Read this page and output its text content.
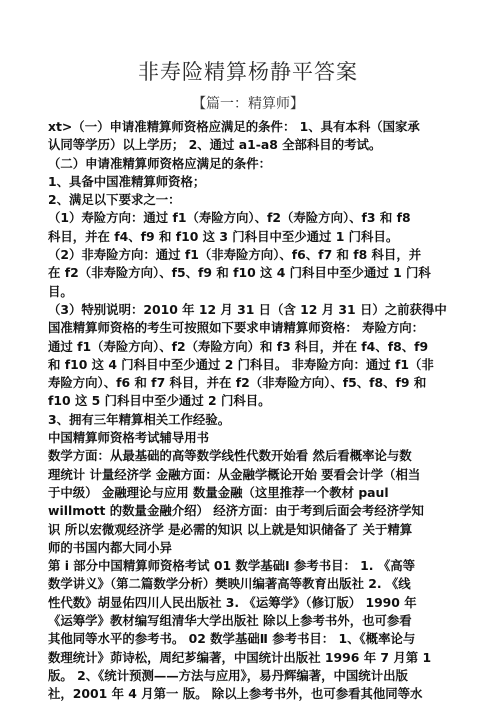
非寿险精算杨静平答案
【篇一：精算师】
xt>（一）申请准精算师资格应满足的条件： 1、具有本科（国家承
认同等学历）以上学历； 2、通过 a1-a8 全部科目的考试。
（二）申请准精算师资格应满足的条件：
1、具备中国准精算师资格；
2、满足以下要求之一：
（1）寿险方向：通过 f1（寿险方向）、f2（寿险方向）、f3 和 f8
科目，并在 f4、f9 和 f10 这 3 门科目中至少通过 1 门科目。
（2）非寿险方向：通过 f1（非寿险方向）、f6、f7 和 f8 科目，并
在 f2（非寿险方向）、f5、f9 和 f10 这 4 门科目中至少通过 1 门科
目。
（3）特别说明：2010 年 12 月 31 日（含 12 月 31 日）之前获得中
国准精算师资格的考生可按照如下要求申请精算师资格： 寿险方向：
通过 f1（寿险方向）、f2（寿险方向）和 f3 科目，并在 f4、f8、f9
和 f10 这 4 门科目中至少通过 2 门科目。 非寿险方向：通过 f1（非
寿险方向）、f6 和 f7 科目，并在 f2（非寿险方向）、f5、f8、f9 和
f10 这 5 门科目中至少通过 2 门科目。
3、拥有三年精算相关工作经验。
中国精算师资格考试辅导用书
数学方面：从最基础的高等数学线性代数开始看 然后看概率论与数
理统计 计量经济学 金融方面：从金融学概论开始 要看会计学（相当
于中级） 金融理论与应用 数量金融（这里推荐一个教材 paul
willmott 的数量金融介绍） 经济方面：由于考到后面会考经济学知
识 所以宏微观经济学 是必需的知识 以上就是知识储备了 关于精算
师的书国内都大同小异
第 i 部分中国精算师资格考试 01 数学基础Ⅰ 参考书目： 1. 《高等
数学讲义》（第二篇数学分析）樊映川编著高等教育出版社 2. 《线
性代数》胡显佑四川人民出版社 3. 《运筹学》（修订版） 1990 年
《运筹学》教材编写组清华大学出版社 除以上参考书外，也可参看
其他同等水平的参考书。 02 数学基础Ⅱ 参考书目： 1、《概率论与
数理统计》茆诗松，周纪芗编著，中国统计出版社 1996 年 7 月第 1
版。 2、《统计预测——方法与应用》，易丹辉编著，中国统计出版
社，2001 年 4 月第一 版。 除以上参考书外，也可参看其他同等水
